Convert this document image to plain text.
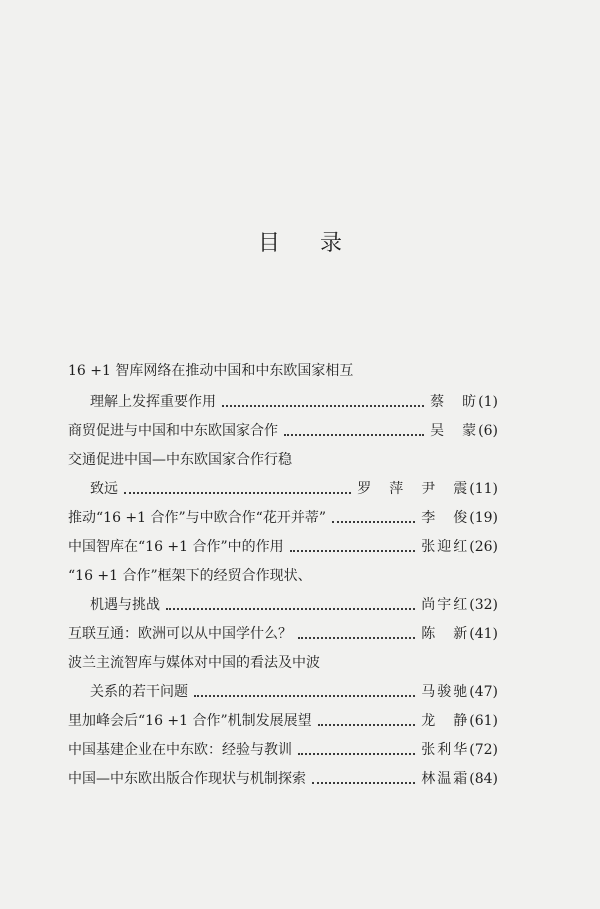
目 录
16 +1 智库网络在推动中国和中东欧国家相互
理解上发挥重要作用	蔡　昉 (1)
商贸促进与中国和中东欧国家合作	吴　蒙 (6)
交通促进中国—中东欧国家合作行稳
致远	罗　萍　尹　震 (11)
推动“16 +1 合作”与中欧合作“花开并蒂”	李　俊 (19)
中国智库在“16 +1 合作”中的作用	张迎红 (26)
“16 +1 合作”框架下的经贸合作现状、
机遇与挑战	尚宇红 (32)
互联互通：欧洲可以从中国学什么？	陈　新 (41)
波兰主流智库与媒体对中国的看法及中波
关系的若干问题	马骏驰 (47)
里加峰会后“16 +1 合作”机制发展展望	龙　静 (61)
中国基建企业在中东欧：经验与教训	张利华 (72)
中国—中东欧出版合作现状与机制探索	林温霜 (84)
